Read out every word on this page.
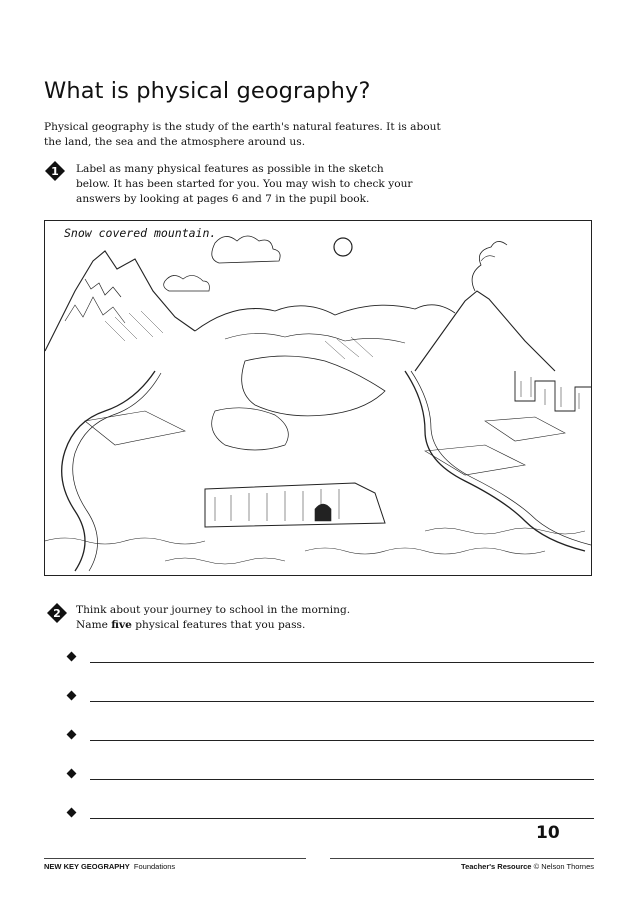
What is physical geography?
Physical geography is the study of the earth's natural features. It is about the land, the sea and the atmosphere around us.
1 Label as many physical features as possible in the sketch below. It has been started for you. You may wish to check your answers by looking at pages 6 and 7 in the pupil book.
Snow covered mountain.
2 Think about your journey to school in the morning.
Name five physical features that you pass.
10
NEW KEY GEOGRAPHY Foundations	Teacher's Resource © Nelson Thornes
